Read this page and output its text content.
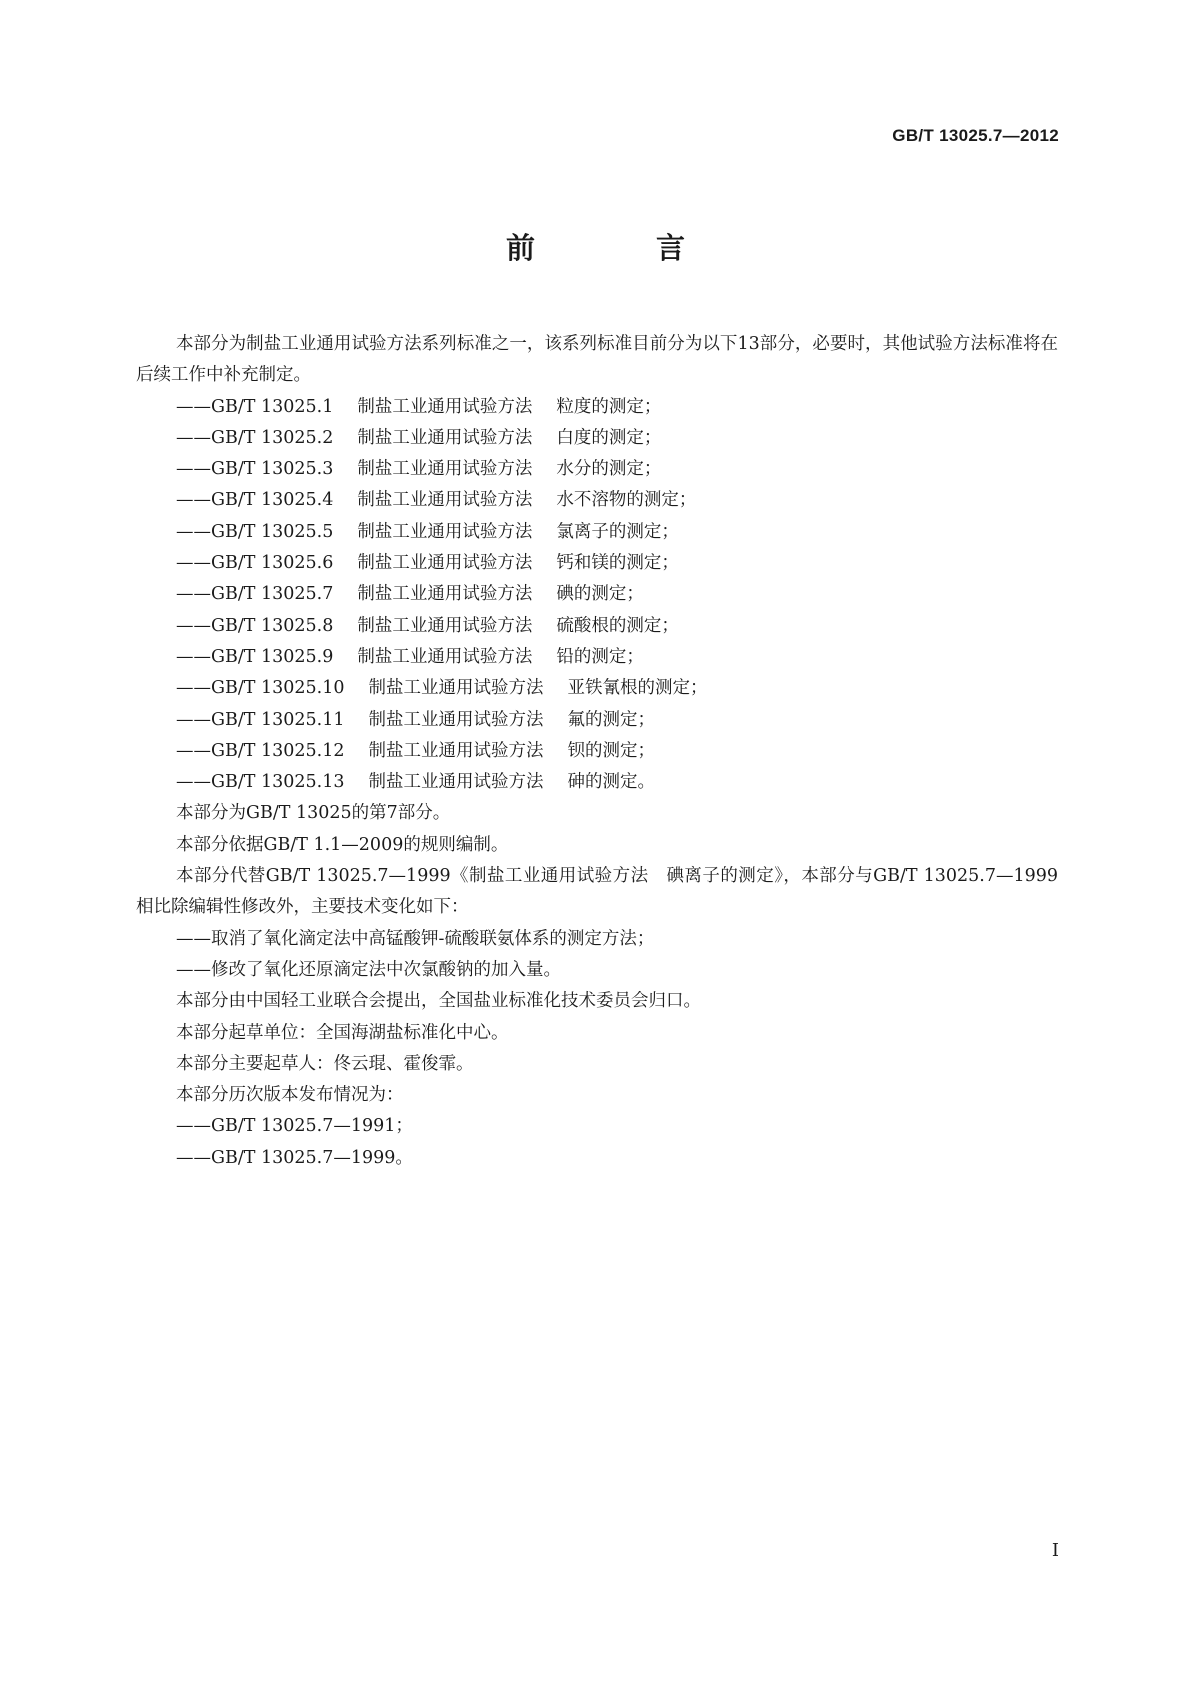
GB/T 13025.7—2012
前　言

本部分为制盐工业通用试验方法系列标准之一，该系列标准目前分为以下13部分，必要时，其他试验方法标准将在后续工作中补充制定。

——GB/T 13025.1 制盐工业通用试验方法 粒度的测定；

——GB/T 13025.2 制盐工业通用试验方法 白度的测定；

——GB/T 13025.3 制盐工业通用试验方法 水分的测定；

——GB/T 13025.4 制盐工业通用试验方法 水不溶物的测定；

——GB/T 13025.5 制盐工业通用试验方法 氯离子的测定；

——GB/T 13025.6 制盐工业通用试验方法 钙和镁的测定；

——GB/T 13025.7 制盐工业通用试验方法 碘的测定；

——GB/T 13025.8 制盐工业通用试验方法 硫酸根的测定；

——GB/T 13025.9 制盐工业通用试验方法 铅的测定；

——GB/T 13025.10 制盐工业通用试验方法 亚铁氰根的测定；

——GB/T 13025.11 制盐工业通用试验方法 氟的测定；

——GB/T 13025.12 制盐工业通用试验方法 钡的测定；

——GB/T 13025.13 制盐工业通用试验方法 砷的测定。

本部分为GB/T 13025的第7部分。

本部分依据GB/T 1.1—2009的规则编制。

本部分代替GB/T 13025.7—1999《制盐工业通用试验方法　碘离子的测定》，本部分与GB/T 13025.7—1999相比除编辑性修改外，主要技术变化如下：

——取消了氧化滴定法中高锰酸钾-硫酸联氨体系的测定方法；

——修改了氧化还原滴定法中次氯酸钠的加入量。

本部分由中国轻工业联合会提出，全国盐业标准化技术委员会归口。

本部分起草单位：全国海湖盐标准化中心。

本部分主要起草人：佟云琨、霍俊霏。

本部分历次版本发布情况为：

——GB/T 13025.7—1991；

——GB/T 13025.7—1999。

I
